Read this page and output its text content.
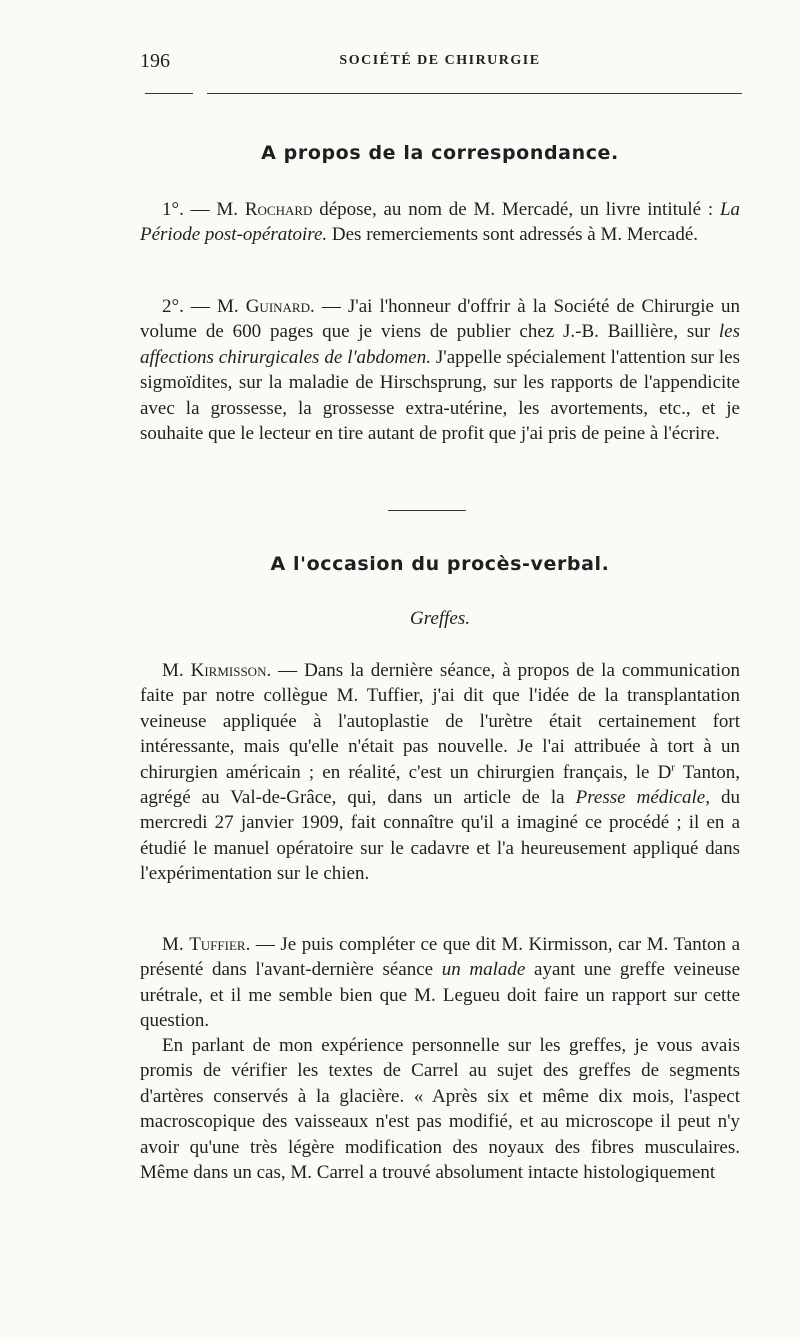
196	SOCIÉTÉ DE CHIRURGIE
A propos de la correspondance.

1°. — M. Rochard dépose, au nom de M. Mercadé, un livre intitulé : La Période post-opératoire. Des remerciements sont adressés à M. Mercadé.

2°. — M. Guinard. — J'ai l'honneur d'offrir à la Société de Chirurgie un volume de 600 pages que je viens de publier chez J.-B. Baillière, sur les affections chirurgicales de l'abdomen. J'appelle spécialement l'attention sur les sigmoïdites, sur la maladie de Hirschsprung, sur les rapports de l'appendicite avec la grossesse, la grossesse extra-utérine, les avortements, etc., et je souhaite que le lecteur en tire autant de profit que j'ai pris de peine à l'écrire.

A l'occasion du procès-verbal.
Greffes.

M. Kirmisson. — Dans la dernière séance, à propos de la communication faite par notre collègue M. Tuffier, j'ai dit que l'idée de la transplantation veineuse appliquée à l'autoplastie de l'urètre était certainement fort intéressante, mais qu'elle n'était pas nouvelle. Je l'ai attribuée à tort à un chirurgien américain ; en réalité, c'est un chirurgien français, le $D^r$ Tanton, agrégé au Val-de-Grâce, qui, dans un article de la Presse médicale, du mercredi 27 janvier 1909, fait connaître qu'il a imaginé ce procédé ; il en a étudié le manuel opératoire sur le cadavre et l'a heureusement appliqué dans l'expérimentation sur le chien.

M. Tuffier. — Je puis compléter ce que dit M. Kirmisson, car M. Tanton a présenté dans l'avant-dernière séance un malade ayant une greffe veineuse urétrale, et il me semble bien que M. Legueu doit faire un rapport sur cette question.

En parlant de mon expérience personnelle sur les greffes, je vous avais promis de vérifier les textes de Carrel au sujet des greffes de segments d'artères conservés à la glacière. « Après six et même dix mois, l'aspect macroscopique des vaisseaux n'est pas modifié, et au microscope il peut n'y avoir qu'une très légère modification des noyaux des fibres musculaires. Même dans un cas, M. Carrel a trouvé absolument intacte histologiquement
